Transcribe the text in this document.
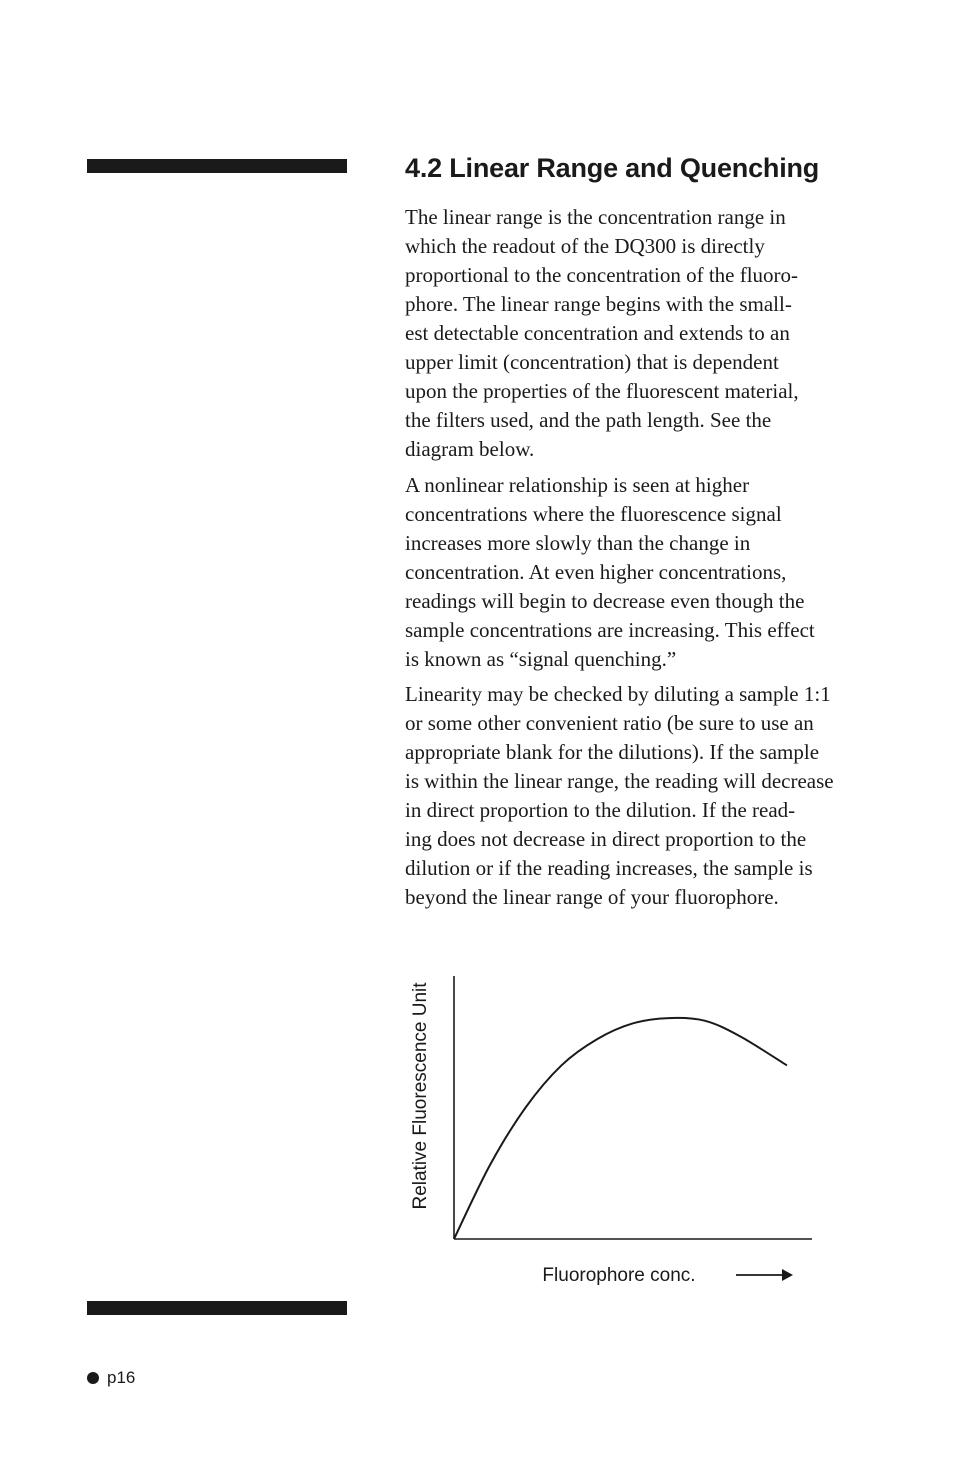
4.2 Linear Range and Quenching
The linear range is the concentration range in
which the readout of the DQ300 is directly
proportional to the concentration of the fluoro-
phore. The linear range begins with the small-
est detectable concentration and extends to an
upper limit (concentration) that is dependent
upon the properties of the fluorescent material,
the filters used, and the path length. See the
diagram below.
A nonlinear relationship is seen at higher
concentrations where the fluorescence signal
increases more slowly than the change in
concentration. At even higher concentrations,
readings will begin to decrease even though the
sample concentrations are increasing. This effect
is known as “signal quenching.”
Linearity may be checked by diluting a sample 1:1
or some other convenient ratio (be sure to use an
appropriate blank for the dilutions). If the sample
is within the linear range, the reading will decrease
in direct proportion to the dilution. If the read-
ing does not decrease in direct proportion to the
dilution or if the reading increases, the sample is
beyond the linear range of your fluorophore.
Relative Fluorescence Unit
Fluorophore conc.
p16
